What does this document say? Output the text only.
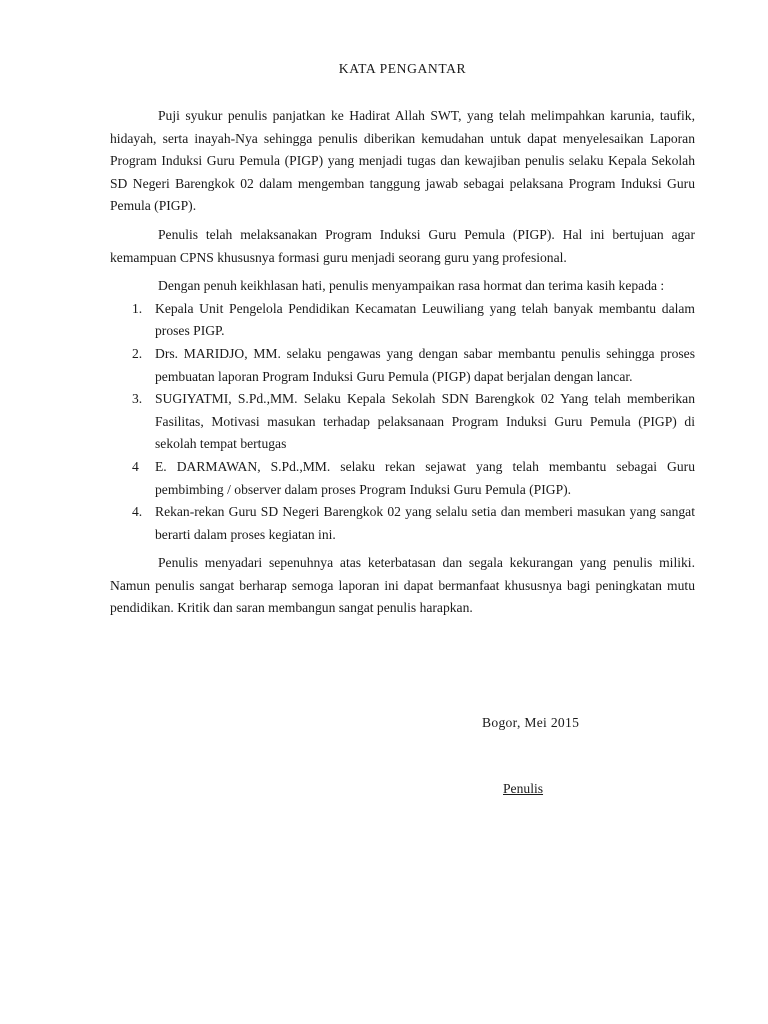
KATA PENGANTAR

Puji syukur penulis panjatkan ke Hadirat Allah SWT, yang telah melimpahkan karunia, taufik, hidayah, serta inayah-Nya sehingga penulis diberikan kemudahan untuk dapat menyelesaikan Laporan Program Induksi Guru Pemula (PIGP) yang menjadi tugas dan kewajiban penulis selaku Kepala Sekolah SD Negeri Barengkok 02 dalam mengemban tanggung jawab sebagai pelaksana Program Induksi Guru Pemula (PIGP).

Penulis telah melaksanakan Program Induksi Guru Pemula (PIGP). Hal ini bertujuan agar kemampuan CPNS khususnya formasi guru menjadi seorang guru yang profesional.

Dengan penuh keikhlasan hati, penulis menyampaikan rasa hormat dan terima kasih kepada :

1. Kepala Unit Pengelola Pendidikan Kecamatan Leuwiliang yang telah banyak membantu dalam proses PIGP.
2. Drs. MARIDJO, MM. selaku pengawas yang dengan sabar membantu penulis sehingga proses pembuatan laporan Program Induksi Guru Pemula (PIGP) dapat berjalan dengan lancar.
3. SUGIYATMI, S.Pd.,MM. Selaku Kepala Sekolah SDN Barengkok 02 Yang telah memberikan Fasilitas, Motivasi masukan terhadap pelaksanaan Program Induksi Guru Pemula (PIGP) di sekolah tempat bertugas
4 E. DARMAWAN, S.Pd.,MM. selaku rekan sejawat yang telah membantu sebagai Guru pembimbing / observer dalam proses Program Induksi Guru Pemula (PIGP).
4. Rekan-rekan Guru SD Negeri Barengkok 02 yang selalu setia dan memberi masukan yang sangat berarti dalam proses kegiatan ini.

Penulis menyadari sepenuhnya atas keterbatasan dan segala kekurangan yang penulis miliki. Namun penulis sangat berharap semoga laporan ini dapat bermanfaat khususnya bagi peningkatan mutu pendidikan. Kritik dan saran membangun sangat penulis harapkan.

Bogor, Mei 2015
Penulis
